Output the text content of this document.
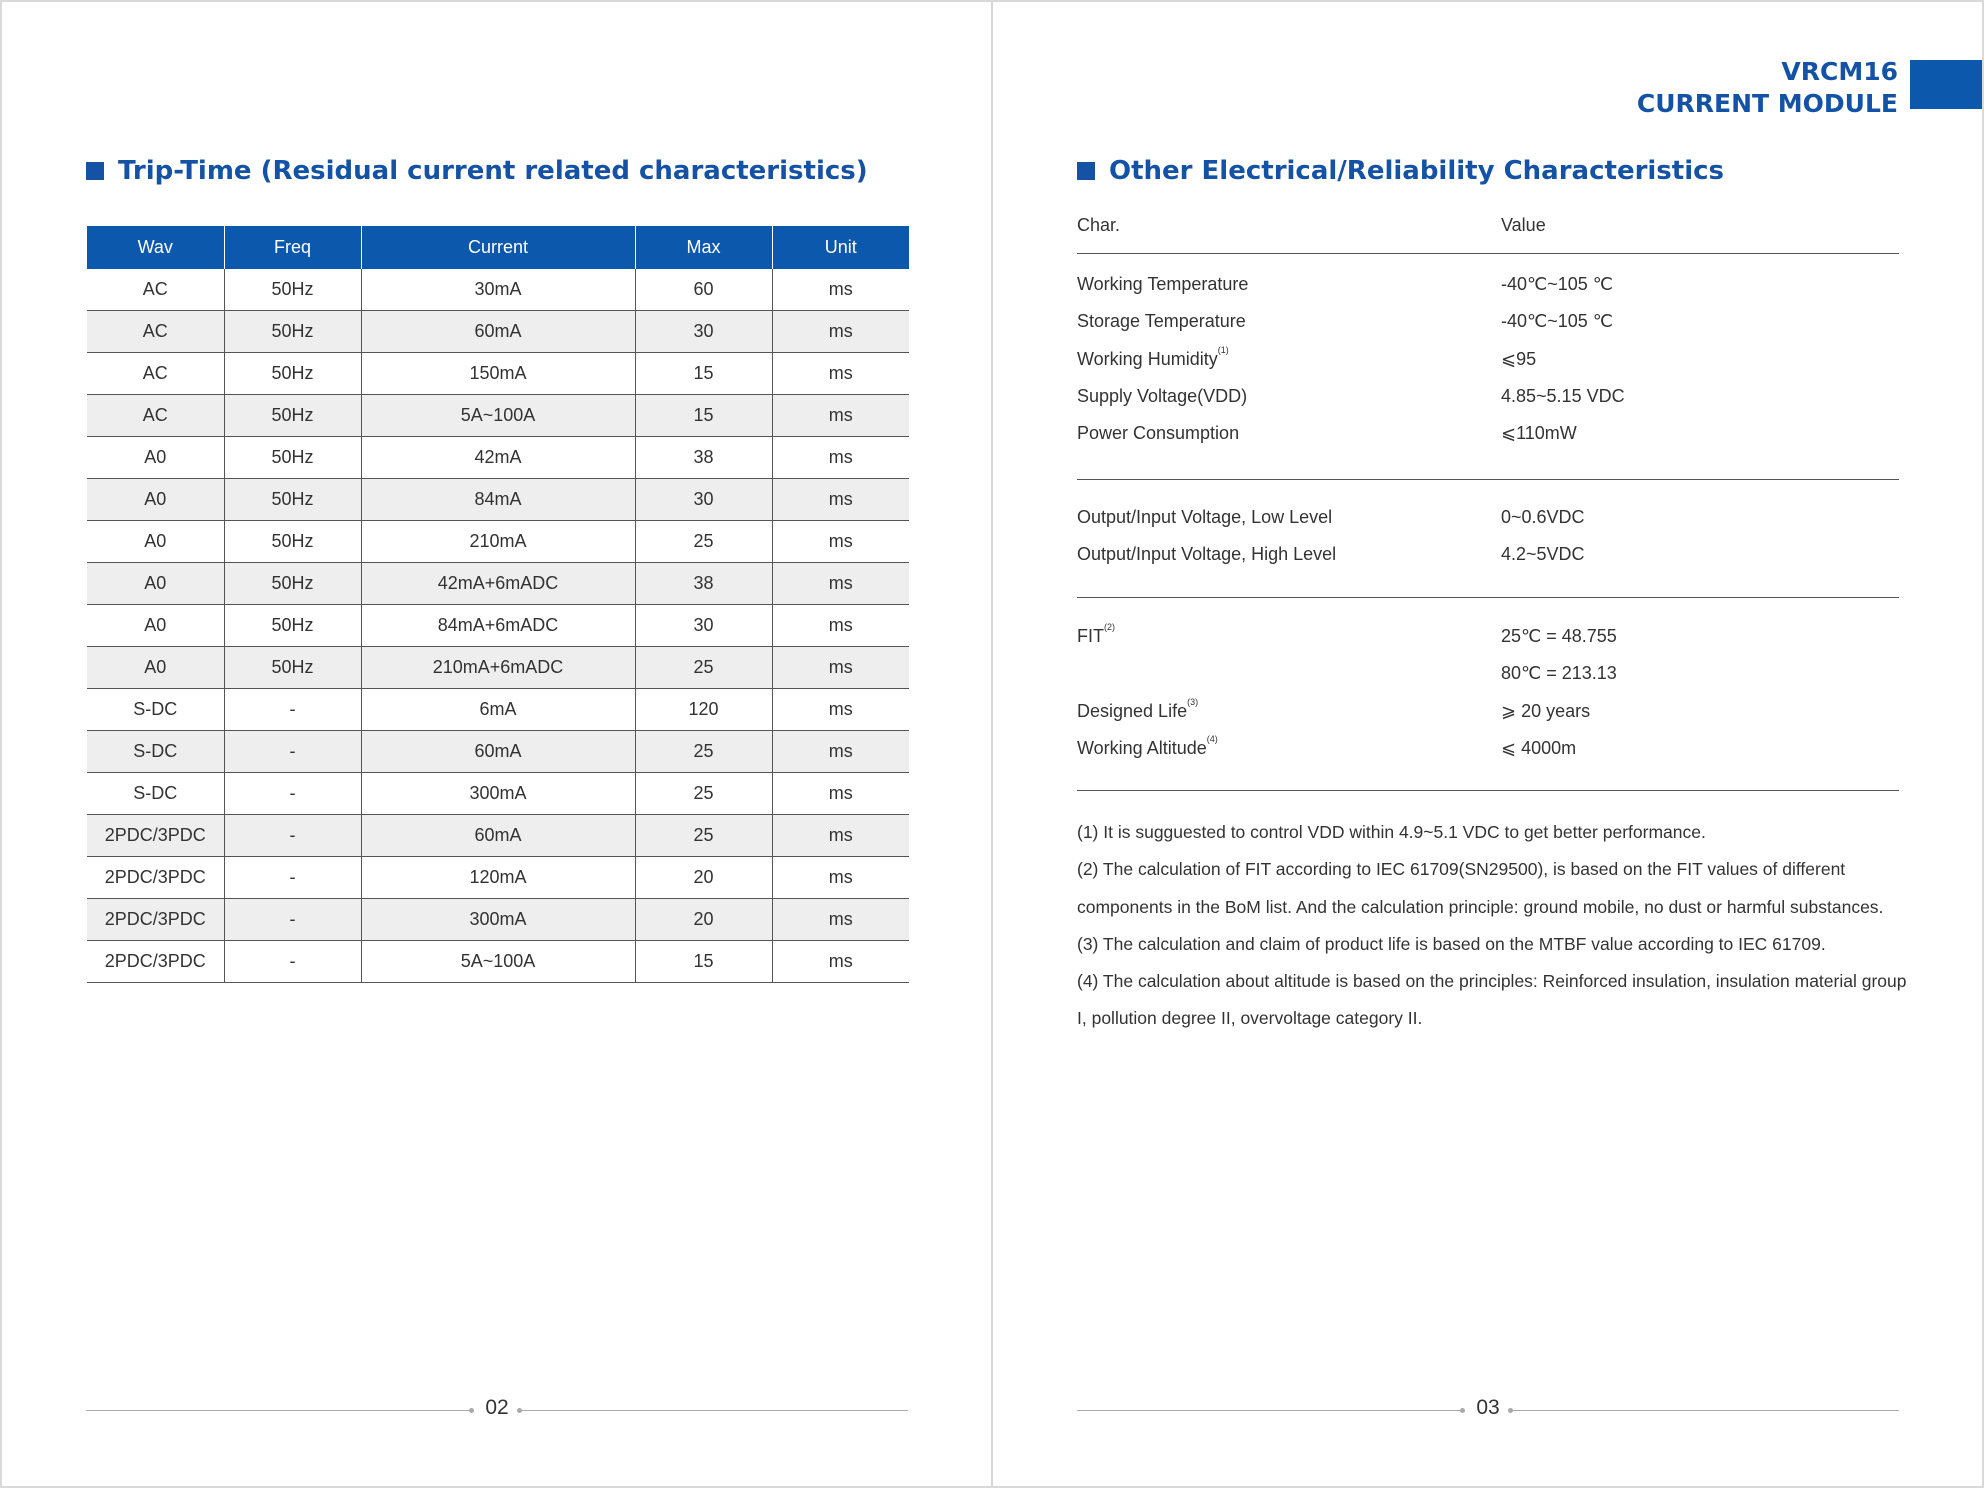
Trip-Time (Residual current related characteristics)
Wav	Freq	Current	Max	Unit
AC	50Hz	30mA	60	ms
AC	50Hz	60mA	30	ms
AC	50Hz	150mA	15	ms
AC	50Hz	5A~100A	15	ms
A0	50Hz	42mA	38	ms
A0	50Hz	84mA	30	ms
A0	50Hz	210mA	25	ms
A0	50Hz	42mA+6mADC	38	ms
A0	50Hz	84mA+6mADC	30	ms
A0	50Hz	210mA+6mADC	25	ms
S-DC	-	6mA	120	ms
S-DC	-	60mA	25	ms
S-DC	-	300mA	25	ms
2PDC/3PDC	-	60mA	25	ms
2PDC/3PDC	-	120mA	20	ms
2PDC/3PDC	-	300mA	20	ms
2PDC/3PDC	-	5A~100A	15	ms
02
VRCM16
CURRENT MODULE
Other Electrical/Reliability Characteristics
Char.	Value
Working Temperature	-40℃~105 ℃
Storage Temperature	-40℃~105 ℃
Working Humidity$^{(1)}$	⩽95
Supply Voltage(VDD)	4.85~5.15 VDC
Power Consumption	⩽110mW
Output/Input Voltage, Low Level	0~0.6VDC
Output/Input Voltage, High Level	4.2~5VDC
FIT$^{(2)}$	25℃ = 48.755
80℃ = 213.13
Designed Life$^{(3)}$	⩾ 20 years
Working Altitude$^{(4)}$	⩽ 4000m

(1) It is sugguested to control VDD within 4.9~5.1 VDC to get better performance.

(2) The calculation of FIT according to IEC 61709(SN29500), is based on the FIT values of different components in the BoM list. And the calculation principle: ground mobile, no dust or harmful substances.

(3) The calculation and claim of product life is based on the MTBF value according to IEC 61709.

(4) The calculation about altitude is based on the principles: Reinforced insulation, insulation material group I, pollution degree II, overvoltage category II.

03
